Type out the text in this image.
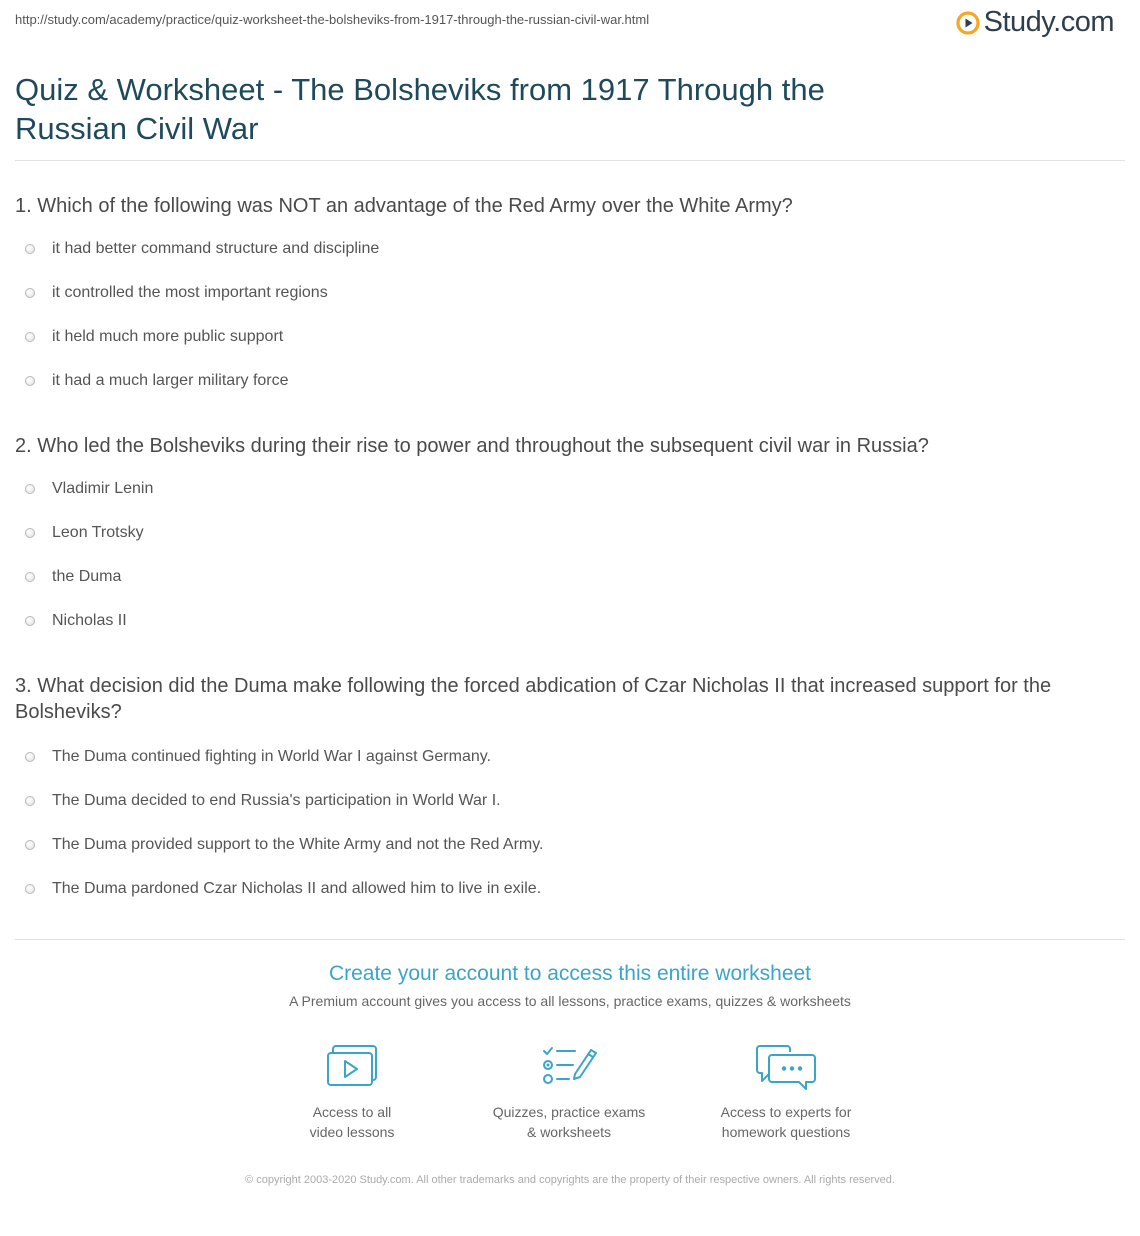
http://study.com/academy/practice/quiz-worksheet-the-bolsheviks-from-1917-through-the-russian-civil-war.html	Study.com
Quiz & Worksheet - The Bolsheviks from 1917 Through the Russian Civil War

1. Which of the following was NOT an advantage of the Red Army over the White Army?

it had better command structure and discipline
it controlled the most important regions
it held much more public support
it had a much larger military force

2. Who led the Bolsheviks during their rise to power and throughout the subsequent civil war in Russia?

Vladimir Lenin
Leon Trotsky
the Duma
Nicholas II

3. What decision did the Duma make following the forced abdication of Czar Nicholas II that increased support for the Bolsheviks?

The Duma continued fighting in World War I against Germany.
The Duma decided to end Russia's participation in World War I.
The Duma provided support to the White Army and not the Red Army.
The Duma pardoned Czar Nicholas II and allowed him to live in exile.
Create your account to access this entire worksheet
A Premium account gives you access to all lessons, practice exams, quizzes & worksheets
Access to all
video lessons
Quizzes, practice exams
& worksheets
Access to experts for
homework questions
© copyright 2003-2020 Study.com. All other trademarks and copyrights are the property of their respective owners. All rights reserved.
